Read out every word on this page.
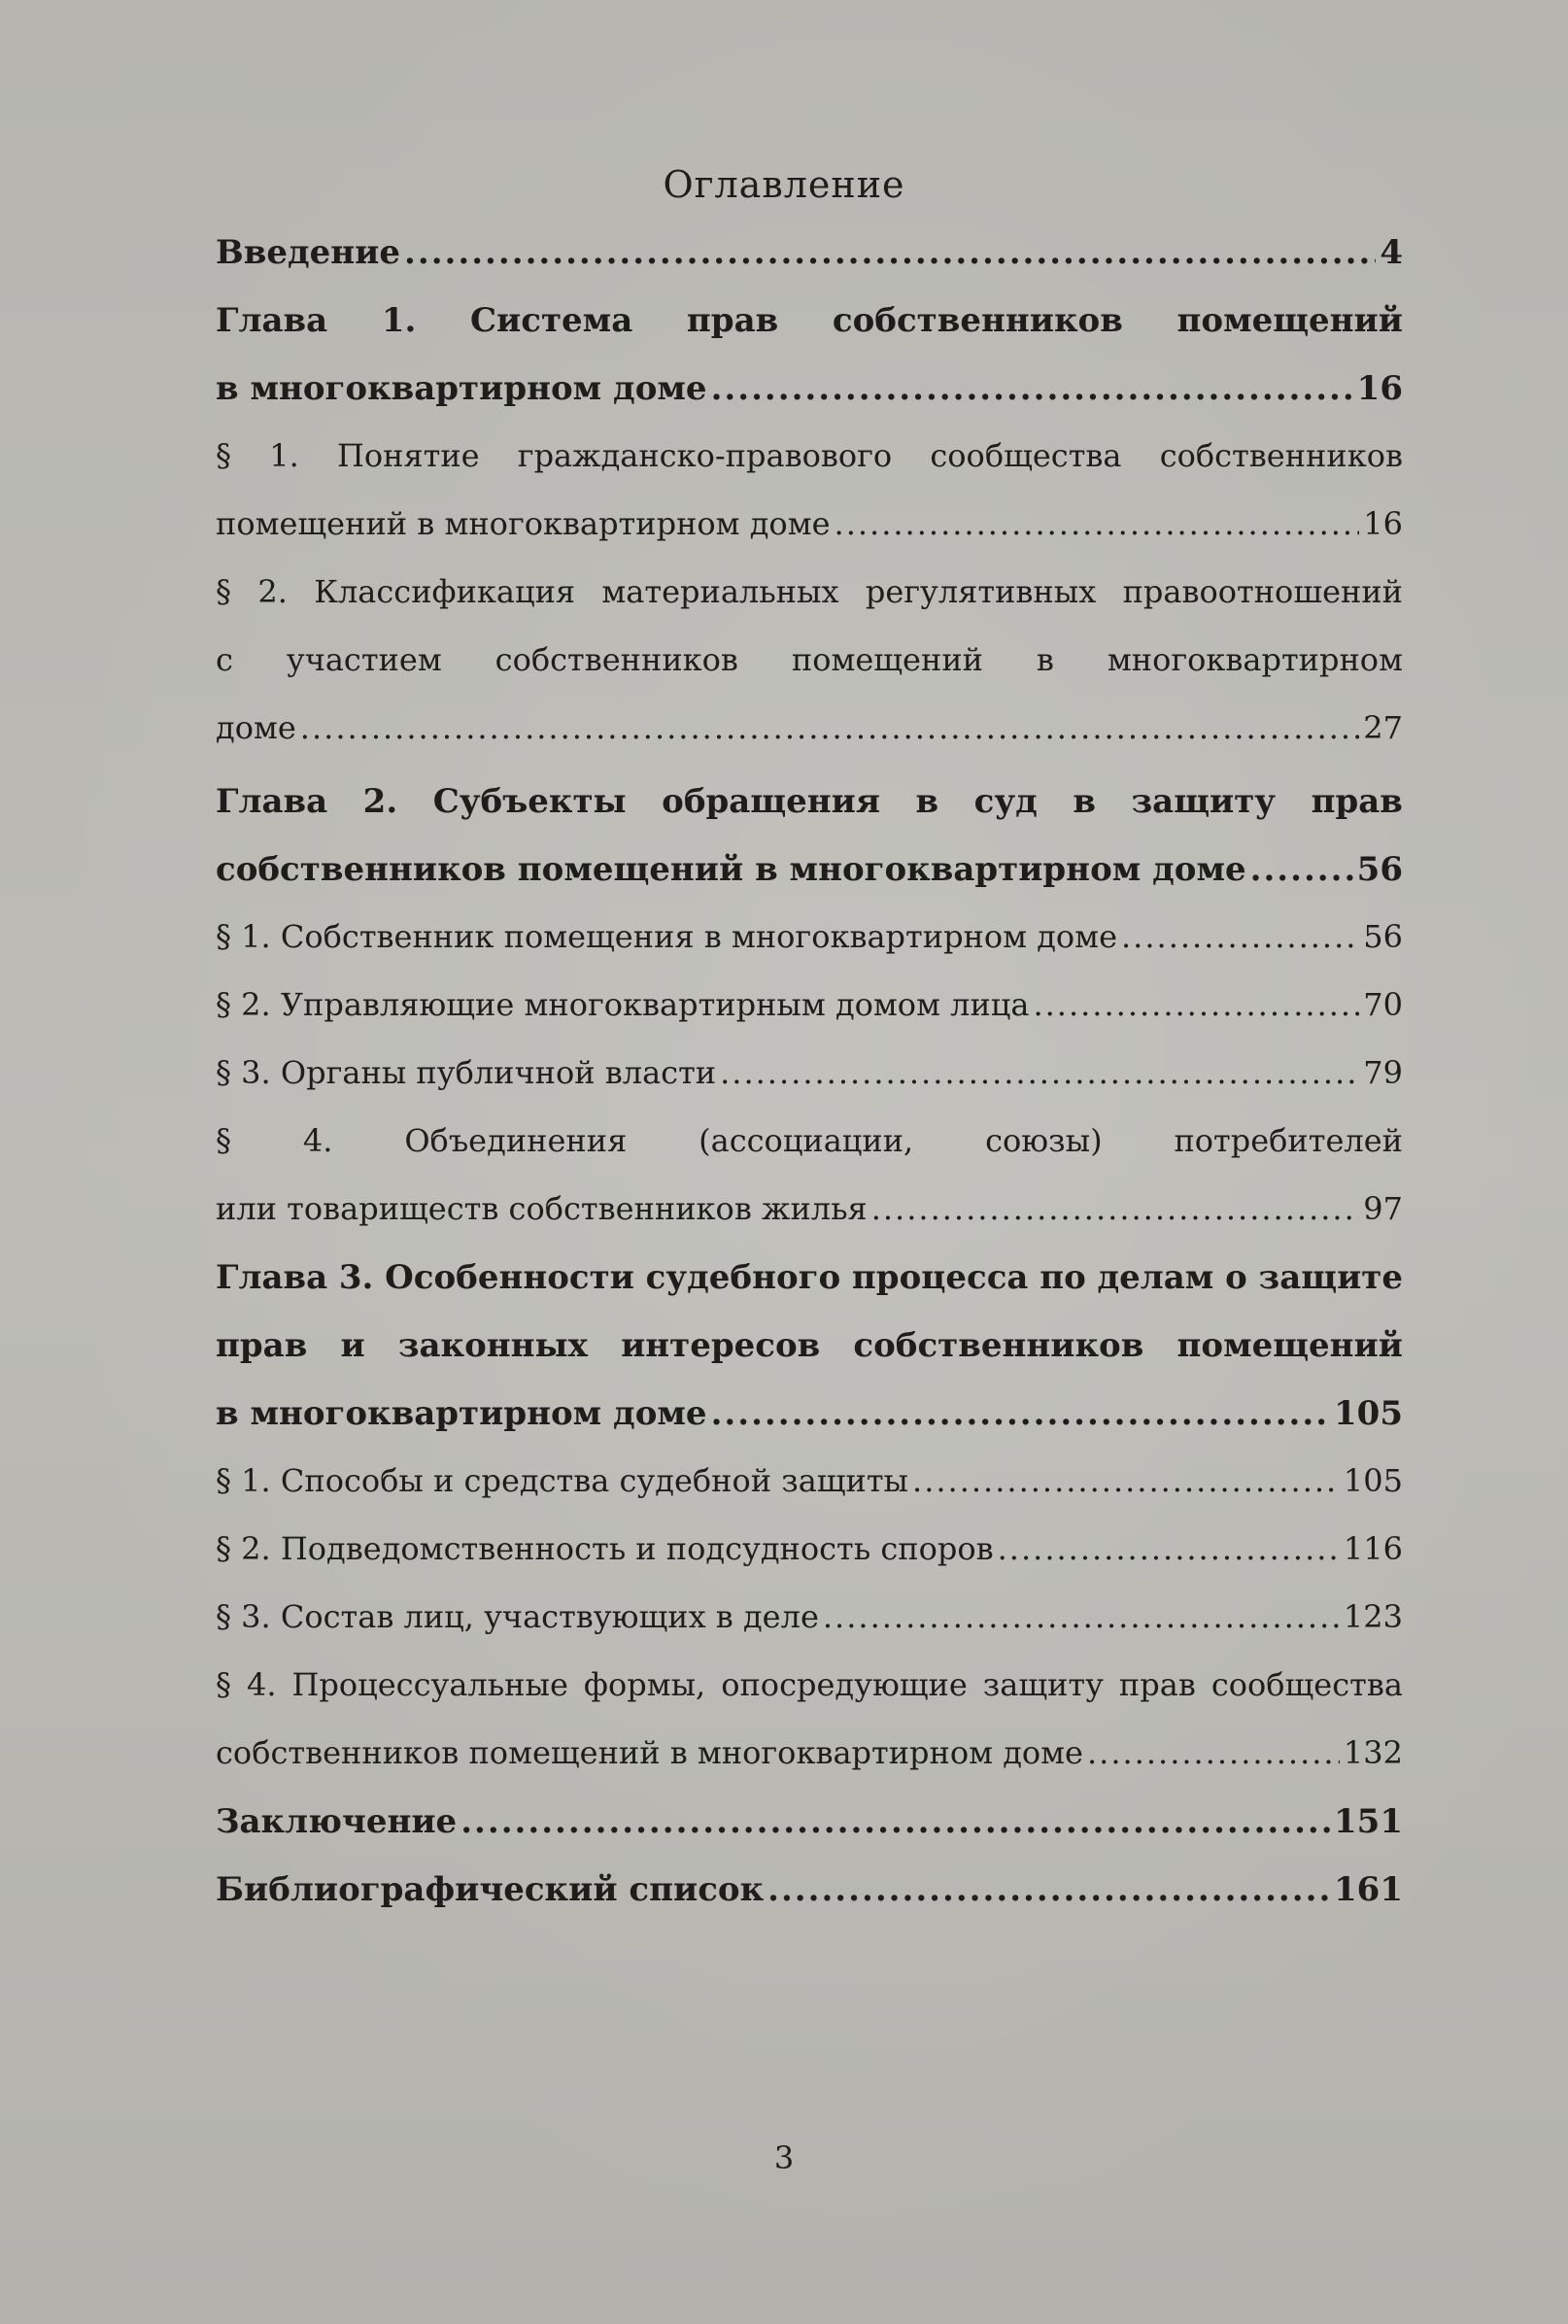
Оглавление
Введение .....	4
Глава 1. Система прав собственников помещений
в многоквартирном доме .....	16
§ 1. Понятие гражданско-правового сообщества собственников
помещений в многоквартирном доме .....	16
§ 2. Классификация материальных регулятивных правоотношений
с участием собственников помещений в многоквартирном
доме .....	27
Глава 2. Субъекты обращения в суд в защиту прав
собственников помещений в многоквартирном доме .....	56
§ 1. Собственник помещения в многоквартирном доме .....	56
§ 2. Управляющие многоквартирным домом лица .....	70
§ 3. Органы публичной власти .....	79
§ 4. Объединения (ассоциации, союзы) потребителей
или товариществ собственников жилья .....	97
Глава 3. Особенности судебного процесса по делам о защите
прав и законных интересов собственников помещений
в многоквартирном доме .....	105
§ 1. Способы и средства судебной защиты .....	105
§ 2. Подведомственность и подсудность споров .....	116
§ 3. Состав лиц, участвующих в деле .....	123
§ 4. Процессуальные формы, опосредующие защиту прав сообщества
собственников помещений в многоквартирном доме .....	132
Заключение .....	151
Библиографический список .....	161
3
